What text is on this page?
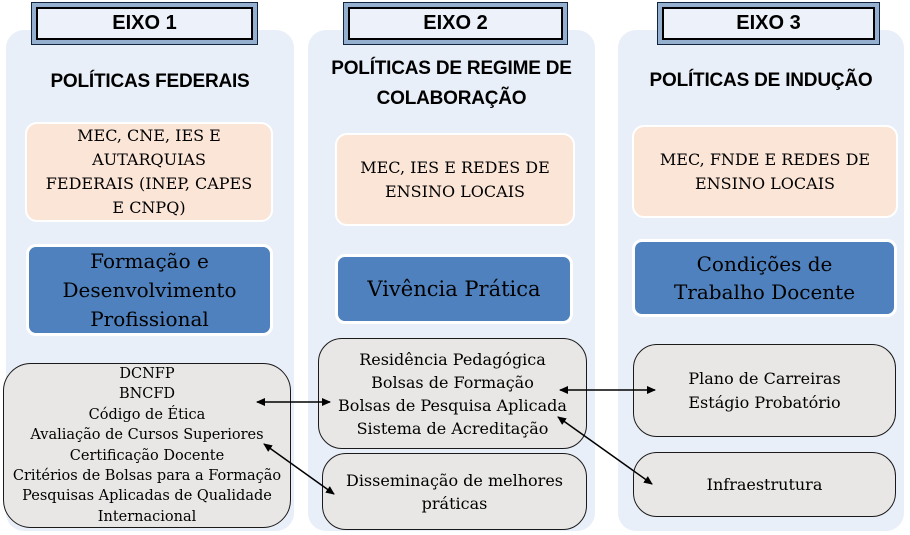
EIXO 1	EIXO 2	EIXO 3
POLÍTICAS FEDERAIS
POLÍTICAS DE REGIME DE
COLABORAÇÃO
POLÍTICAS DE INDUÇÃO
MEC, CNE, IES E
AUTARQUIAS
FEDERAIS (INEP, CAPES
E CNPQ)
MEC, IES E REDES DE
ENSINO LOCAIS
MEC, FNDE E REDES DE
ENSINO LOCAIS
Formação e
Desenvolvimento
Profissional
Vivência Prática
Condições de
Trabalho Docente
DCNFP
BNCFD
Código de Ética
Avaliação de Cursos Superiores
Certificação Docente
Critérios de Bolsas para a Formação
Pesquisas Aplicadas de Qualidade
Internacional
Residência Pedagógica
Bolsas de Formação
Bolsas de Pesquisa Aplicada
Sistema de Acreditação
Disseminação de melhores
práticas
Plano de Carreiras
Estágio Probatório
Infraestrutura
